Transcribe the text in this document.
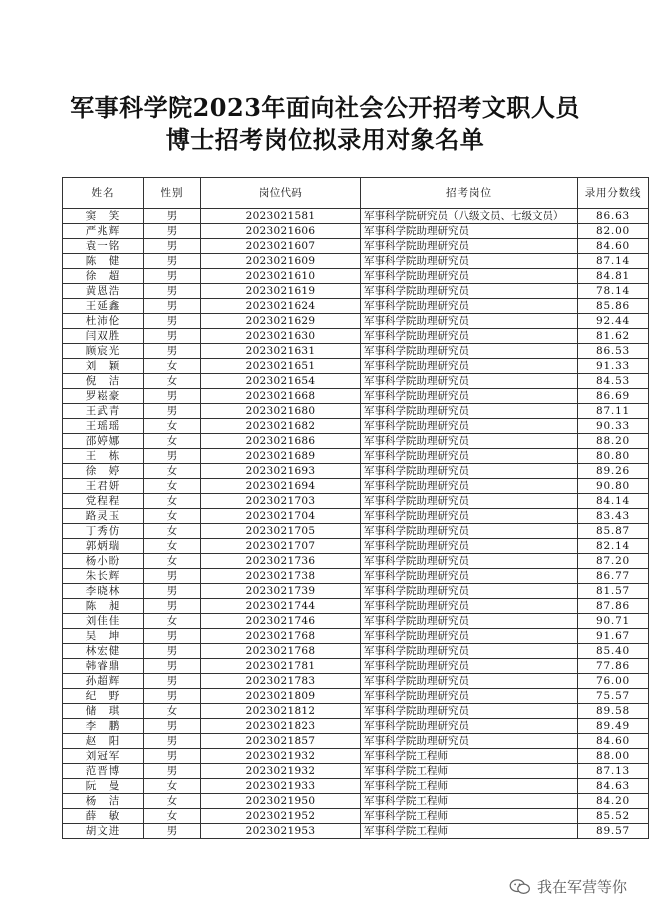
军事科学院2023年面向社会公开招考文职人员
博士招考岗位拟录用对象名单
姓名	性别	岗位代码	招考岗位	录用分数线
窦　笑	男	2023021581	军事科学院研究员（八级文员、七级文员）	86.63
严兆辉	男	2023021606	军事科学院助理研究员	82.00
袁一铭	男	2023021607	军事科学院助理研究员	84.60
陈　健	男	2023021609	军事科学院助理研究员	87.14
徐　超	男	2023021610	军事科学院助理研究员	84.81
黄恩浩	男	2023021619	军事科学院助理研究员	78.14
王延鑫	男	2023021624	军事科学院助理研究员	85.86
杜沛伦	男	2023021629	军事科学院助理研究员	92.44
闫双胜	男	2023021630	军事科学院助理研究员	81.62
顾宸光	男	2023021631	军事科学院助理研究员	86.53
刘　颖	女	2023021651	军事科学院助理研究员	91.33
倪　洁	女	2023021654	军事科学院助理研究员	84.53
罗崧豪	男	2023021668	军事科学院助理研究员	86.69
王武青	男	2023021680	军事科学院助理研究员	87.11
王瑶瑶	女	2023021682	军事科学院助理研究员	90.33
邵婷娜	女	2023021686	军事科学院助理研究员	88.20
王　栋	男	2023021689	军事科学院助理研究员	80.80
徐　婷	女	2023021693	军事科学院助理研究员	89.26
王君妍	女	2023021694	军事科学院助理研究员	90.80
党程程	女	2023021703	军事科学院助理研究员	84.14
路灵玉	女	2023021704	军事科学院助理研究员	83.43
丁秀仿	女	2023021705	军事科学院助理研究员	85.87
郭炳瑞	女	2023021707	军事科学院助理研究员	82.14
杨小盼	女	2023021736	军事科学院助理研究员	87.20
朱长辉	男	2023021738	军事科学院助理研究员	86.77
李晓林	男	2023021739	军事科学院助理研究员	81.57
陈　昶	男	2023021744	军事科学院助理研究员	87.86
刘佳佳	女	2023021746	军事科学院助理研究员	90.71
吴　坤	男	2023021768	军事科学院助理研究员	91.67
林宏健	男	2023021768	军事科学院助理研究员	85.40
韩睿鼎	男	2023021781	军事科学院助理研究员	77.86
孙超辉	男	2023021783	军事科学院助理研究员	76.00
纪　野	男	2023021809	军事科学院助理研究员	75.57
储　琪	女	2023021812	军事科学院助理研究员	89.58
李　鹏	男	2023021823	军事科学院助理研究员	89.49
赵　阳	男	2023021857	军事科学院助理研究员	84.60
刘冠军	男	2023021932	军事科学院工程师	88.00
范晋博	男	2023021932	军事科学院工程师	87.13
阮　曼	女	2023021933	军事科学院工程师	84.63
杨　洁	女	2023021950	军事科学院工程师	84.20
薛　敏	女	2023021952	军事科学院工程师	85.52
胡文进	男	2023021953	军事科学院工程师	89.57
我在军营等你
